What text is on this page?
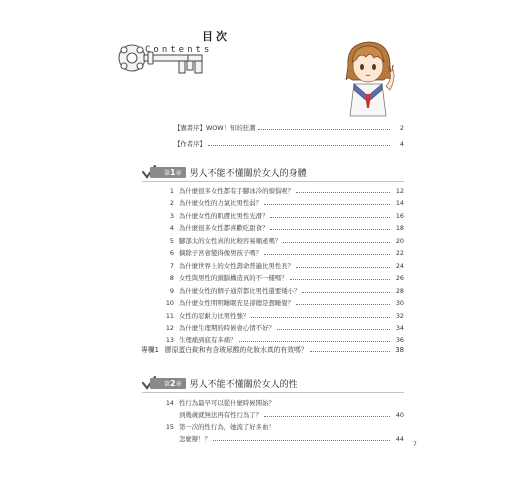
目次
Contents
【囊書序】WOW！知的狂潮	2
【作者序】	4
第1章 男人不能不懂關於女人的身體
1 為什麼很多女性都有手腳冰冷的煩惱呢？	12
2 為什麼女性的力氣比男性弱？	14
3 為什麼女性的肌膚比男性光滑？	16
4 為什麼很多女性都喜歡吃甜食？	18
5 腳部太的女性真的比較容易順產嗎？	20
6 摘除子宮會變得像男孩子嗎？	22
7 為什麼世界上的女性壽命普遍比男性長？	24
8 女性與男性的頭腦構造真的不一樣嗎？	26
9 為什麼女性的個子通常都比男性還要矮小？	28
10 為什麼女性明明睡眠充足卻總是想睡覺？	30
11 女性的忍耐力比男性強？	32
12 為什麼生理期的時候會心情不好？	34
13 生理痛到底有多痛？	36
專欄1 膠原蛋白錠和有含玻尿酸的化妝水真的有效嗎？	38
第2章 男人不能不懂關於女人的性
14 性行為最早可以從什麼時候開始？
到幾歲就無法再有性行為了？	40
15 第一次的性行為，她流了好多血！
怎麼辦！？	44
7
